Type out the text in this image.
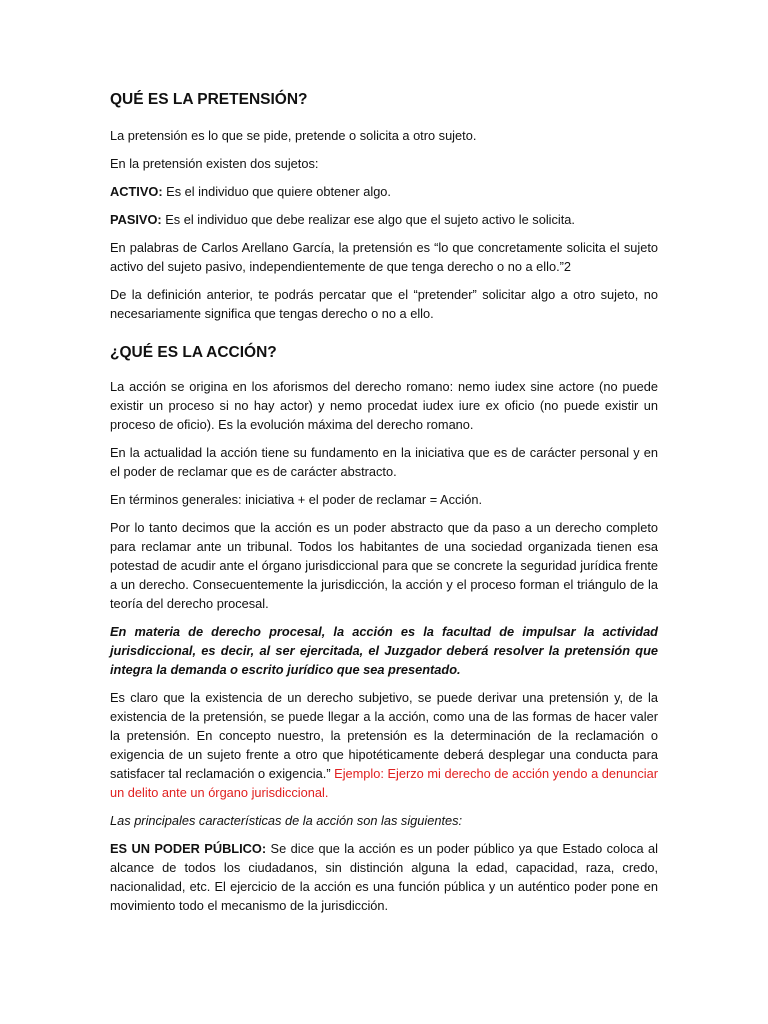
QUÉ ES LA PRETENSIÓN?

La pretensión es lo que se pide, pretende o solicita a otro sujeto.

En la pretensión existen dos sujetos:

ACTIVO: Es el individuo que quiere obtener algo.

PASIVO: Es el individuo que debe realizar ese algo que el sujeto activo le solicita.

En palabras de Carlos Arellano García, la pretensión es “lo que concretamente solicita el sujeto activo del sujeto pasivo, independientemente de que tenga derecho o no a ello.”2

De la definición anterior, te podrás percatar que el “pretender” solicitar algo a otro sujeto, no necesariamente significa que tengas derecho o no a ello.

¿QUÉ ES LA ACCIÓN?

La acción se origina en los aforismos del derecho romano: nemo iudex sine actore (no puede existir un proceso si no hay actor) y nemo procedat iudex iure ex oficio (no puede existir un proceso de oficio). Es la evolución máxima del derecho romano.

En la actualidad la acción tiene su fundamento en la iniciativa que es de carácter personal y en el poder de reclamar que es de carácter abstracto.

En términos generales: iniciativa + el poder de reclamar = Acción.

Por lo tanto decimos que la acción es un poder abstracto que da paso a un derecho completo para reclamar ante un tribunal. Todos los habitantes de una sociedad organizada tienen esa potestad de acudir ante el órgano jurisdiccional para que se concrete la seguridad jurídica frente a un derecho. Consecuentemente la jurisdicción, la acción y el proceso forman el triángulo de la teoría del derecho procesal.

En materia de derecho procesal, la acción es la facultad de impulsar la actividad jurisdiccional, es decir, al ser ejercitada, el Juzgador deberá resolver la pretensión que integra la demanda o escrito jurídico que sea presentado.

Es claro que la existencia de un derecho subjetivo, se puede derivar una pretensión y, de la existencia de la pretensión, se puede llegar a la acción, como una de las formas de hacer valer la pretensión. En concepto nuestro, la pretensión es la determinación de la reclamación o exigencia de un sujeto frente a otro que hipotéticamente deberá desplegar una conducta para satisfacer tal reclamación o exigencia.” Ejemplo: Ejerzo mi derecho de acción yendo a denunciar un delito ante un órgano jurisdiccional.

Las principales características de la acción son las siguientes:

ES UN PODER PÚBLICO: Se dice que la acción es un poder público ya que Estado coloca al alcance de todos los ciudadanos, sin distinción alguna la edad, capacidad, raza, credo, nacionalidad, etc. El ejercicio de la acción es una función pública y un auténtico poder pone en movimiento todo el mecanismo de la jurisdicción.
